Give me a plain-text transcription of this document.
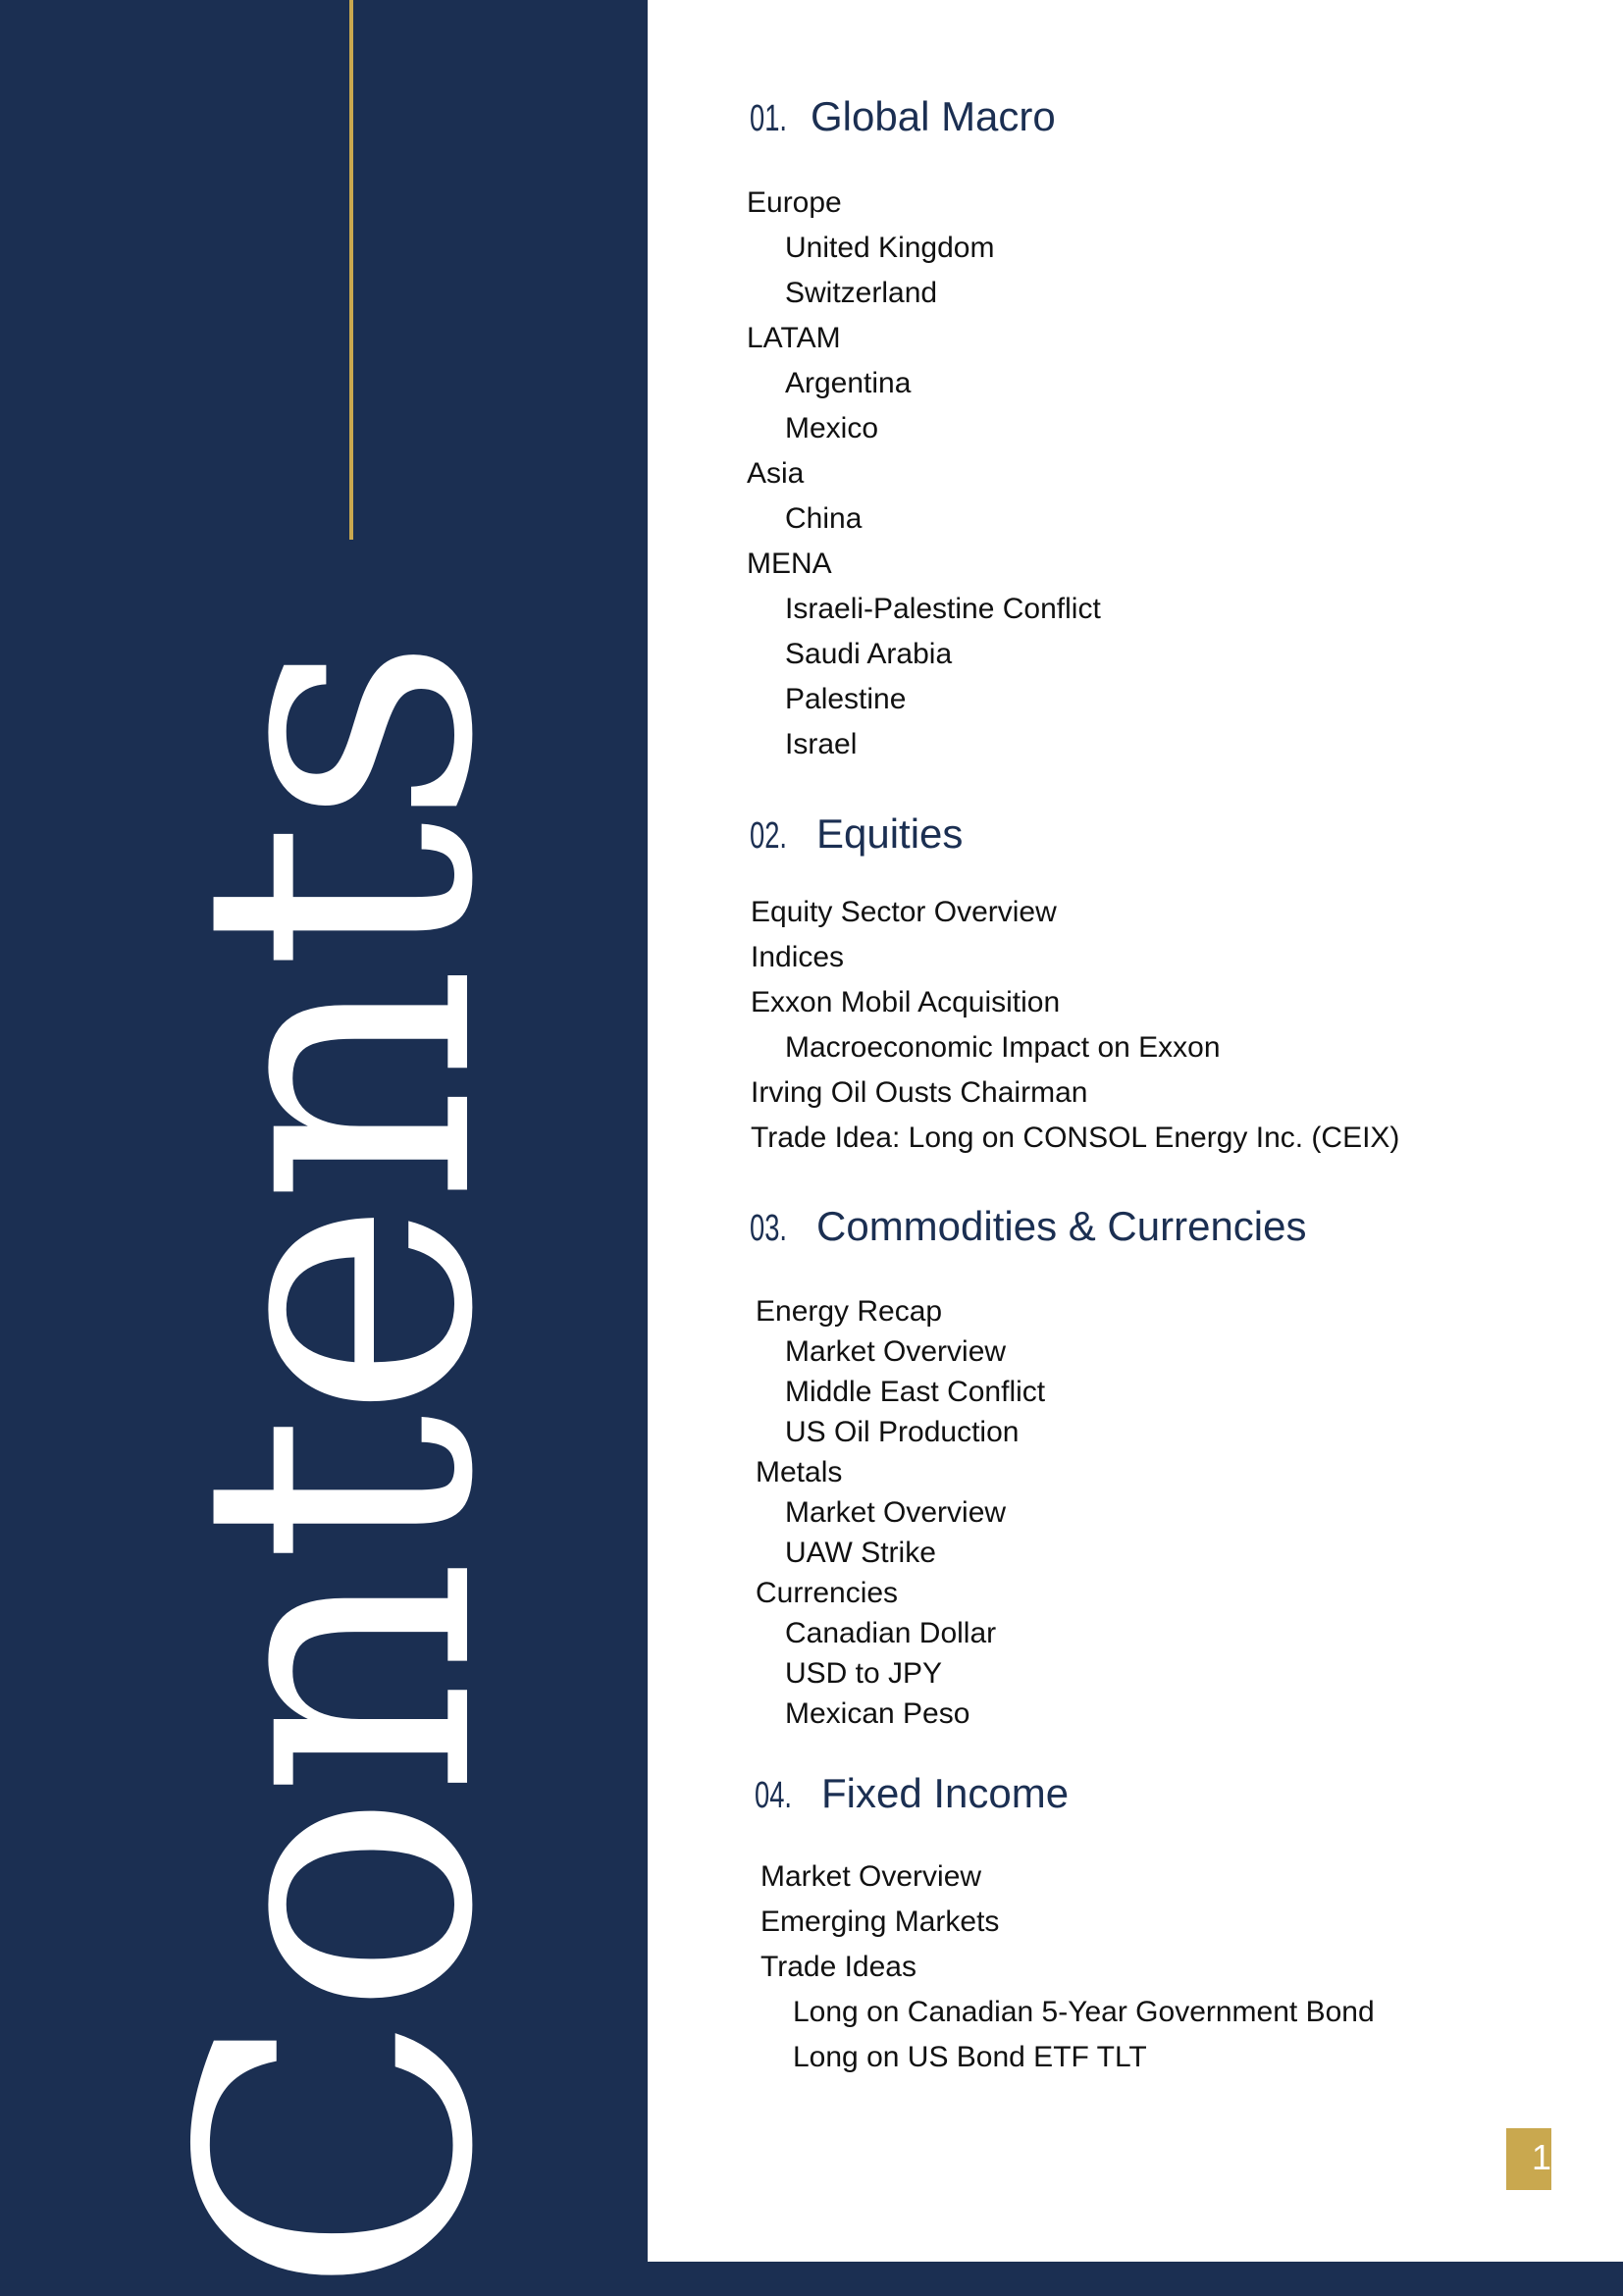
Contents
01. Global Macro
Europe
United Kingdom
Switzerland
LATAM
Argentina
Mexico
Asia
China
MENA
Israeli-Palestine Conflict
Saudi Arabia
Palestine
Israel
02. Equities
Equity Sector Overview
Indices
Exxon Mobil Acquisition
Macroeconomic Impact on Exxon
Irving Oil Ousts Chairman
Trade Idea: Long on CONSOL Energy Inc. (CEIX)
03. Commodities & Currencies
Energy Recap
Market Overview
Middle East Conflict
US Oil Production
Metals
Market Overview
UAW Strike
Currencies
Canadian Dollar
USD to JPY
Mexican Peso
04. Fixed Income
Market Overview
Emerging Markets
Trade Ideas
Long on Canadian 5-Year Government Bond
Long on US Bond ETF TLT
1
